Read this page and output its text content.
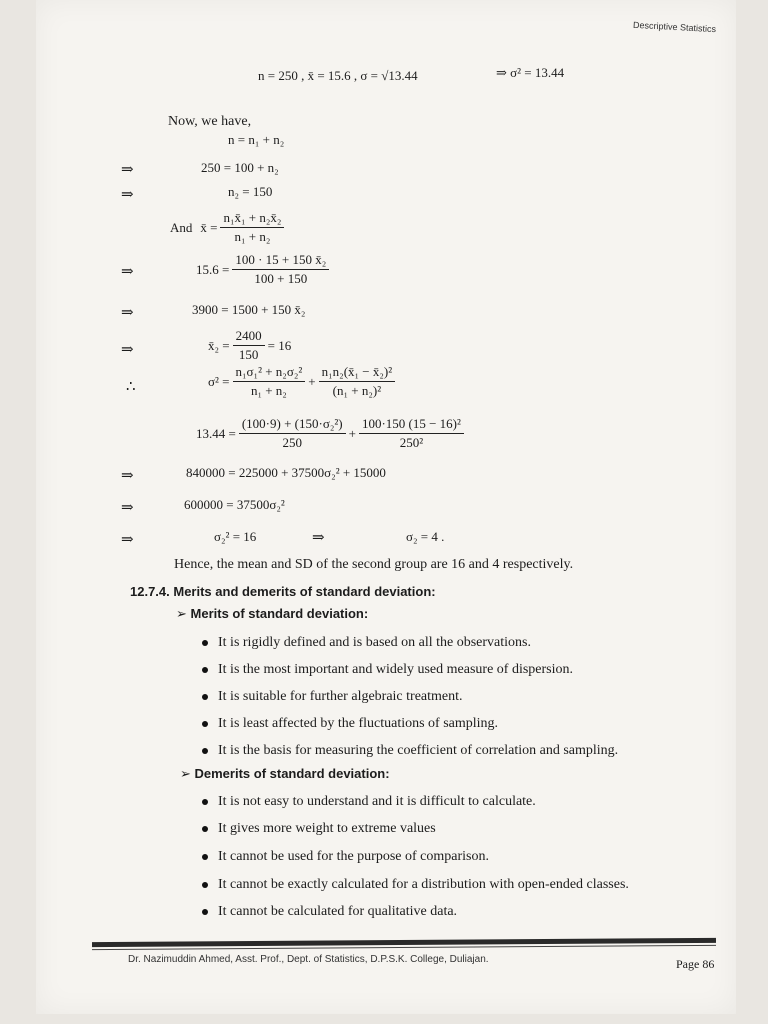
Descriptive Statistics
n = 250 , x̄ = 15.6 , σ = √13.44	⇒ σ² = 13.44
Now, we have,
n = n₁ + n₂
⇒	250 = 100 + n₂
⇒	n₂ = 150
And x̄ = $\frac{\text{n₁x̄₁ + n₂x̄₂}}{\text{n₁ + n₂}}$
⇒	$15.6 = \frac{\text{100 · 15 + 150 x̄₂}}{100 + 150}$
⇒	3900 = 1500 + 150 x̄₂
⇒	x̄₂ = $\frac{2400}{150} = 16$
∴	$\sigma^2 = \frac{\text{n₁σ₁² + n₂σ₂²}}{\text{n₁ + n₂}} + \frac{\text{n₁n₂(x̄₁ − x̄₂)²}}{\text{(n₁ + n₂)²}}$
$13.44 = \frac{\text{(100·9) + (150·σ₂²)}}{250} + \frac{\text{100·150 (15 − 16)²}}{\text{250²}}$
⇒	840000 = 225000 + 37500σ₂² + 15000
⇒	600000 = 37500σ₂²
⇒	σ₂² = 16	⇒	σ₂ = 4 .
Hence, the mean and SD of the second group are 16 and 4 respectively.
12.7.4. Merits and demerits of standard deviation:
➢ Merits of standard deviation:
It is rigidly defined and is based on all the observations.
It is the most important and widely used measure of dispersion.
It is suitable for further algebraic treatment.
It is least affected by the fluctuations of sampling.
It is the basis for measuring the coefficient of correlation and sampling.
➢ Demerits of standard deviation:
It is not easy to understand and it is difficult to calculate.
It gives more weight to extreme values
It cannot be used for the purpose of comparison.
It cannot be exactly calculated for a distribution with open-ended classes.
It cannot be calculated for qualitative data.
Dr. Nazimuddin Ahmed, Asst. Prof., Dept. of Statistics, D.P.S.K. College, Duliajan.	Page 86
